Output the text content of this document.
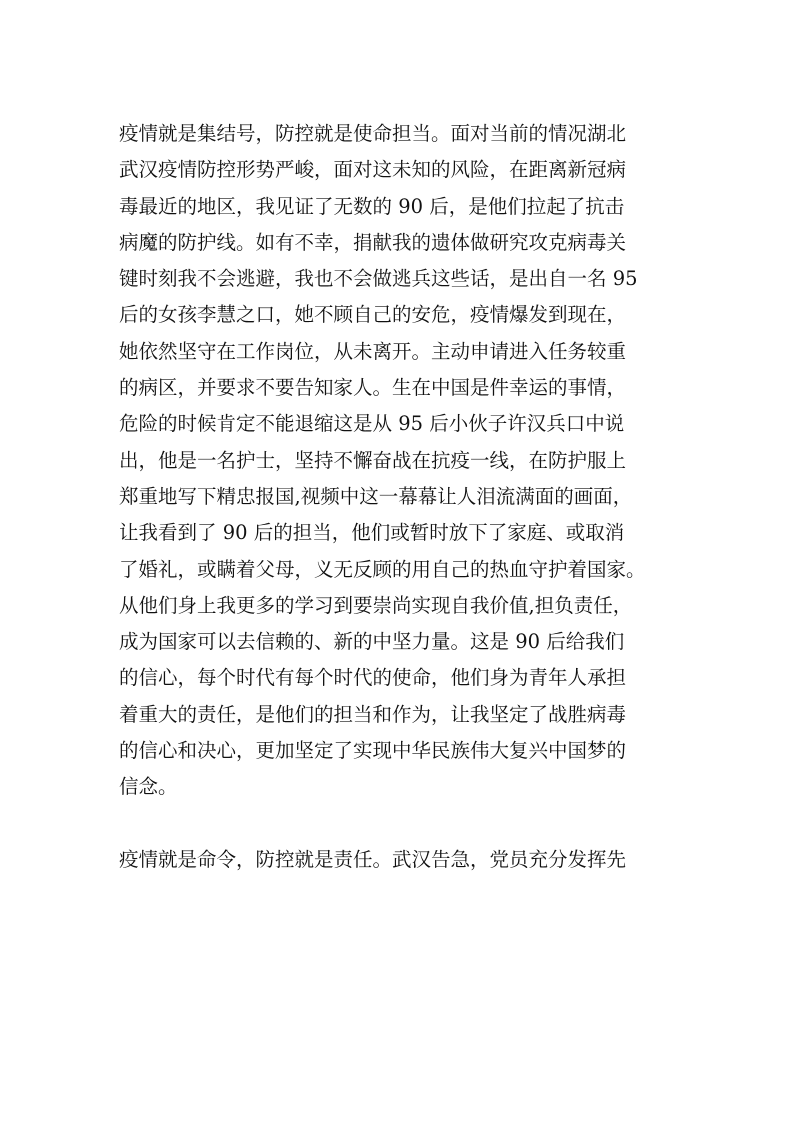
疫情就是集结号，防控就是使命担当。面对当前的情况湖北
武汉疫情防控形势严峻，面对这未知的风险，在距离新冠病
毒最近的地区，我见证了无数的 90 后，是他们拉起了抗击
病魔的防护线。如有不幸，捐献我的遗体做研究攻克病毒关
键时刻我不会逃避，我也不会做逃兵这些话，是出自一名 95
后的女孩李慧之口，她不顾自己的安危，疫情爆发到现在，
她依然坚守在工作岗位，从未离开。主动申请进入任务较重
的病区，并要求不要告知家人。生在中国是件幸运的事情，
危险的时候肯定不能退缩这是从 95 后小伙子许汉兵口中说
出，他是一名护士，坚持不懈奋战在抗疫一线，在防护服上
郑重地写下精忠报国,视频中这一幕幕让人泪流满面的画面，
让我看到了 90 后的担当，他们或暂时放下了家庭、或取消
了婚礼，或瞒着父母，义无反顾的用自己的热血守护着国家。
从他们身上我更多的学习到要崇尚实现自我价值,担负责任，
成为国家可以去信赖的、新的中坚力量。这是 90 后给我们
的信心，每个时代有每个时代的使命，他们身为青年人承担
着重大的责任，是他们的担当和作为，让我坚定了战胜病毒
的信心和决心，更加坚定了实现中华民族伟大复兴中国梦的
信念。
疫情就是命令，防控就是责任。武汉告急，党员充分发挥先
